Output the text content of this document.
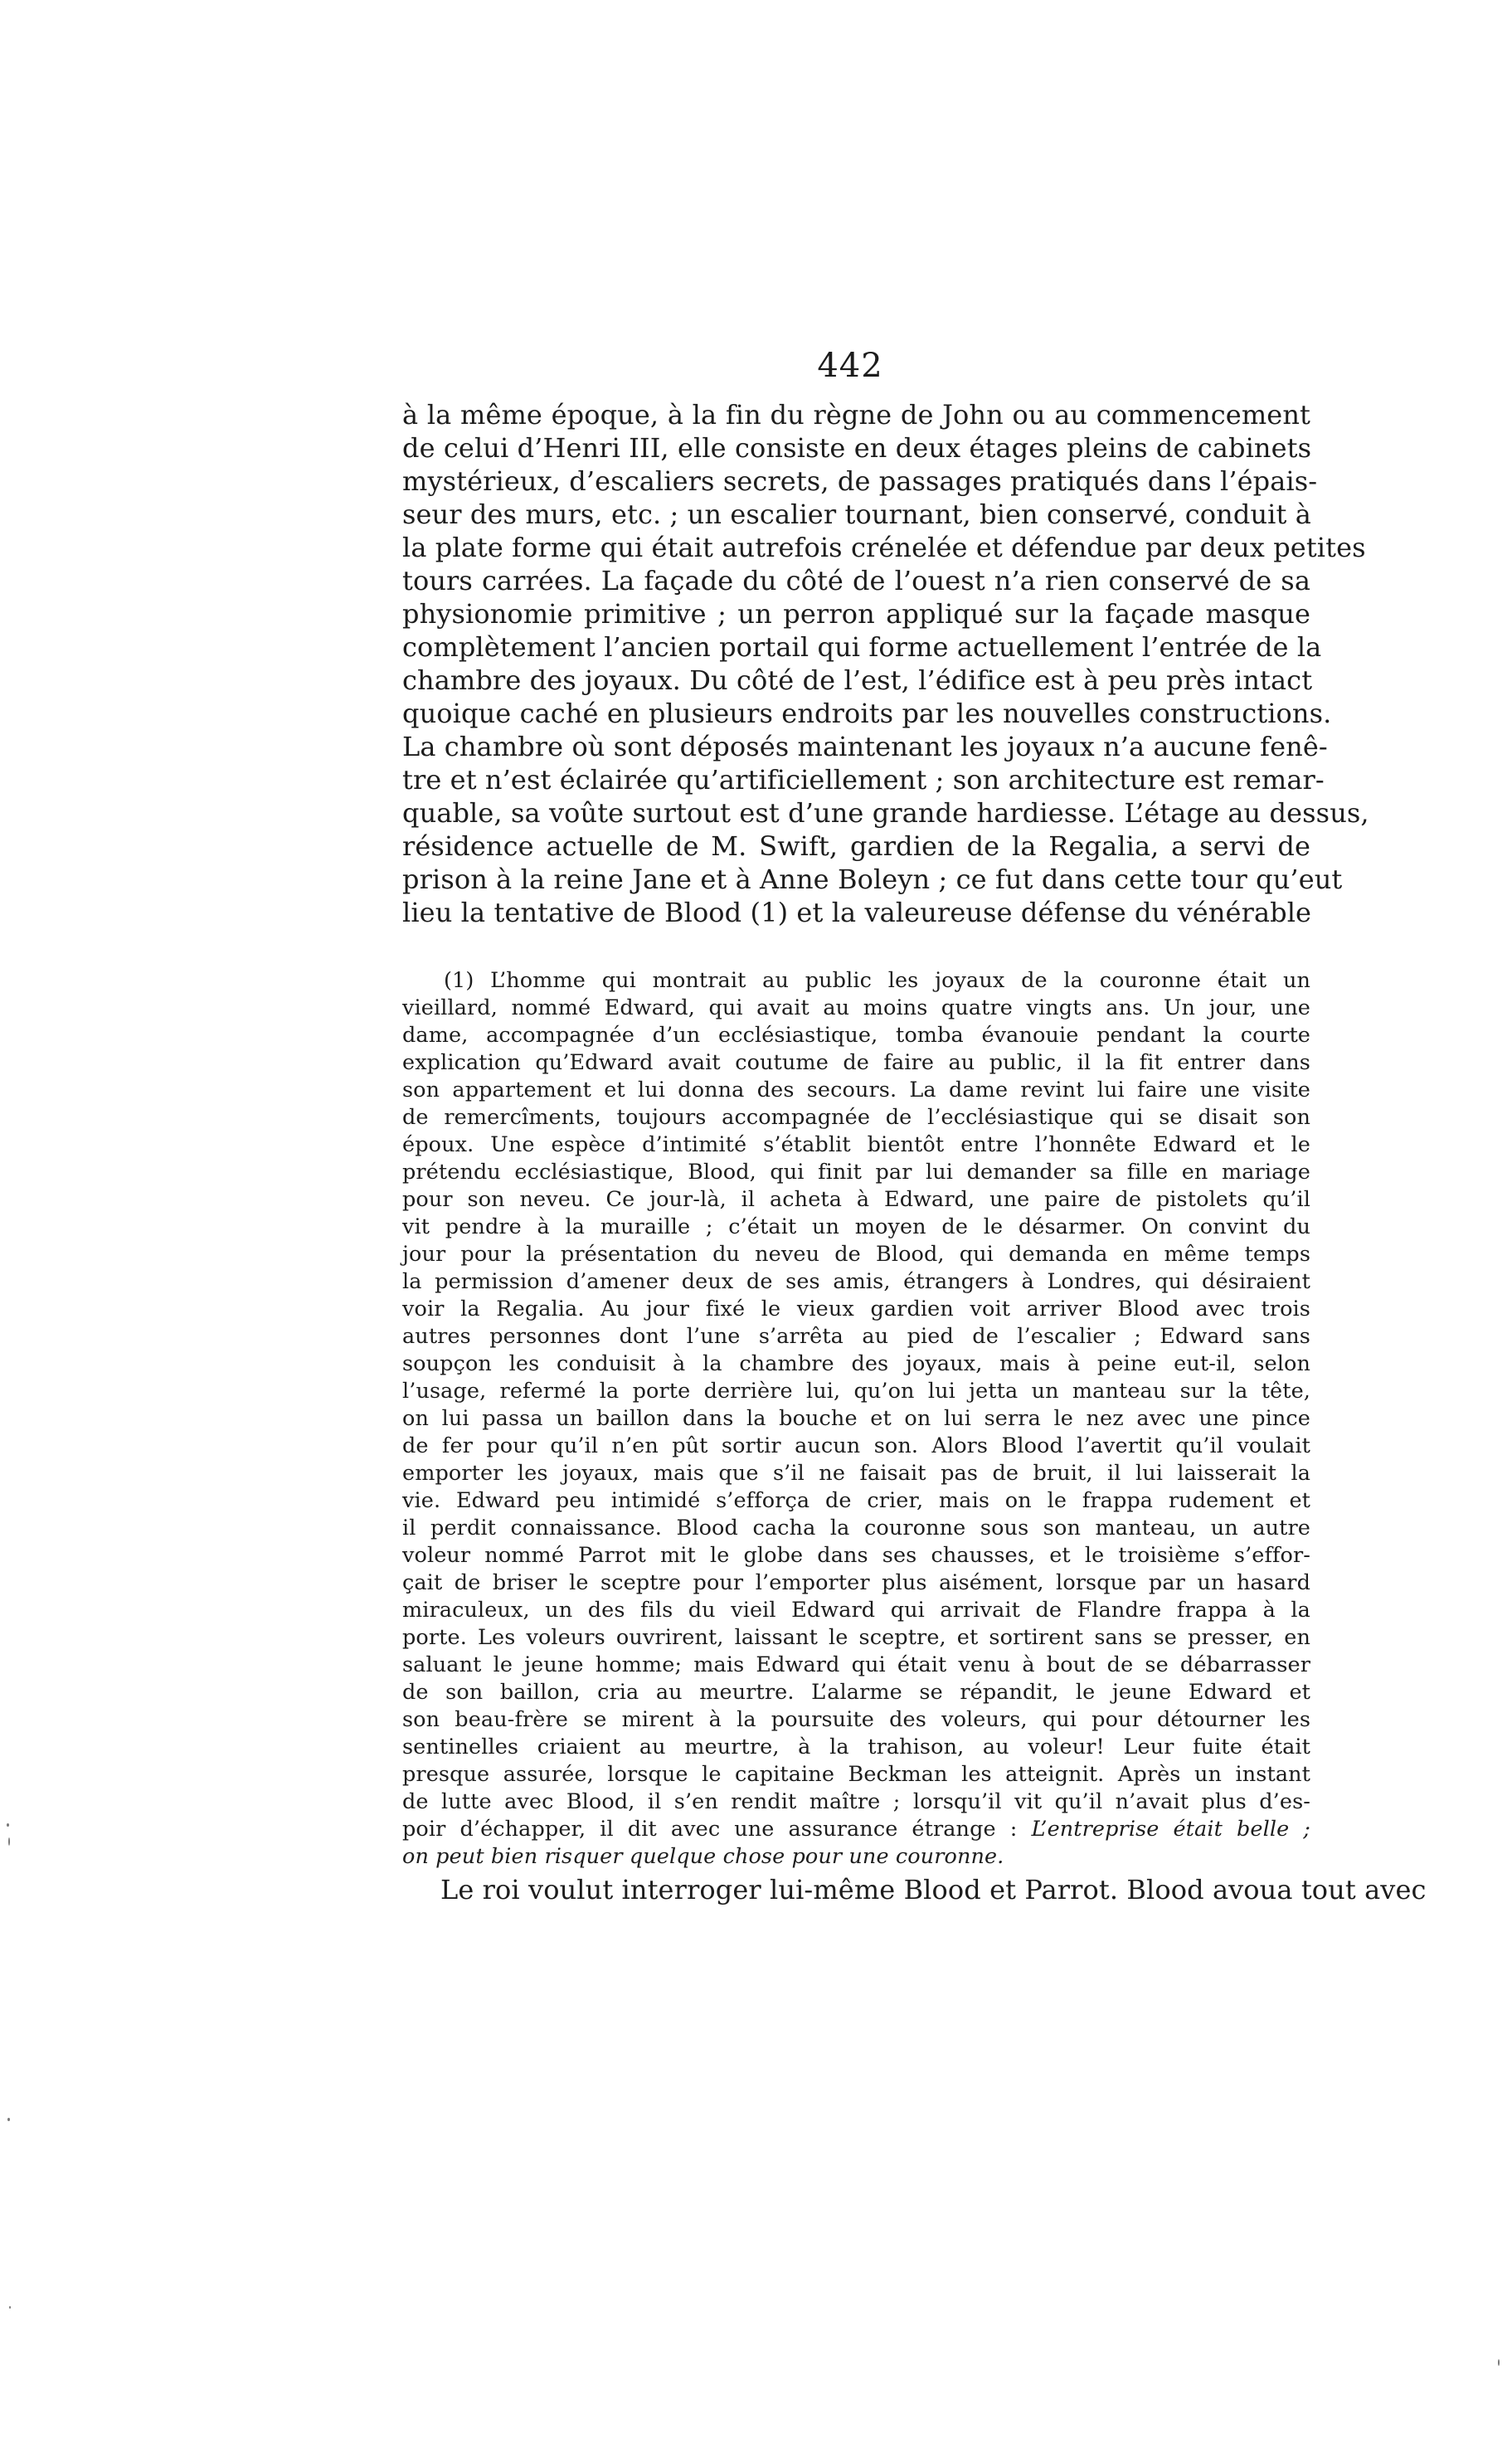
442

à la même époque, à la fin du règne de John ou au commencement

de celui d’Henri III, elle consiste en deux étages pleins de cabinets

mystérieux, d’escaliers secrets, de passages pratiqués dans l’épais-

seur des murs, etc. ; un escalier tournant, bien conservé, conduit à

la plate forme qui était autrefois crénelée et défendue par deux petites

tours carrées. La façade du côté de l’ouest n’a rien conservé de sa

physionomie primitive ; un perron appliqué sur la façade masque

complètement l’ancien portail qui forme actuellement l’entrée de la

chambre des joyaux. Du côté de l’est, l’édifice est à peu près intact

quoique caché en plusieurs endroits par les nouvelles constructions.

La chambre où sont déposés maintenant les joyaux n’a aucune fenê-

tre et n’est éclairée qu’artificiellement ; son architecture est remar-

quable, sa voûte surtout est d’une grande hardiesse. L’étage au dessus,

résidence actuelle de M. Swift, gardien de la Regalia, a servi de

prison à la reine Jane et à Anne Boleyn ; ce fut dans cette tour qu’eut

lieu la tentative de Blood (1) et la valeureuse défense du vénérable

(1) L’homme qui montrait au public les joyaux de la couronne était un

vieillard, nommé Edward, qui avait au moins quatre vingts ans. Un jour, une

dame, accompagnée d’un ecclésiastique, tomba évanouie pendant la courte

explication qu’Edward avait coutume de faire au public, il la fit entrer dans

son appartement et lui donna des secours. La dame revint lui faire une visite

de remercîments, toujours accompagnée de l’ecclésiastique qui se disait son

époux. Une espèce d’intimité s’établit bientôt entre l’honnête Edward et le

prétendu ecclésiastique, Blood, qui finit par lui demander sa fille en mariage

pour son neveu. Ce jour-là, il acheta à Edward, une paire de pistolets qu’il

vit pendre à la muraille ; c’était un moyen de le désarmer. On convint du

jour pour la présentation du neveu de Blood, qui demanda en même temps

la permission d’amener deux de ses amis, étrangers à Londres, qui désiraient

voir la Regalia. Au jour fixé le vieux gardien voit arriver Blood avec trois

autres personnes dont l’une s’arrêta au pied de l’escalier ; Edward sans

soupçon les conduisit à la chambre des joyaux, mais à peine eut-il, selon

l’usage, refermé la porte derrière lui, qu’on lui jetta un manteau sur la tête,

on lui passa un baillon dans la bouche et on lui serra le nez avec une pince

de fer pour qu’il n’en pût sortir aucun son. Alors Blood l’avertit qu’il voulait

emporter les joyaux, mais que s’il ne faisait pas de bruit, il lui laisserait la

vie. Edward peu intimidé s’efforça de crier, mais on le frappa rudement et

il perdit connaissance. Blood cacha la couronne sous son manteau, un autre

voleur nommé Parrot mit le globe dans ses chausses, et le troisième s’effor-

çait de briser le sceptre pour l’emporter plus aisément, lorsque par un hasard

miraculeux, un des fils du vieil Edward qui arrivait de Flandre frappa à la

porte. Les voleurs ouvrirent, laissant le sceptre, et sortirent sans se presser, en

saluant le jeune homme; mais Edward qui était venu à bout de se débarrasser

de son baillon, cria au meurtre. L’alarme se répandit, le jeune Edward et

son beau-frère se mirent à la poursuite des voleurs, qui pour détourner les

sentinelles criaient au meurtre, à la trahison, au voleur! Leur fuite était

presque assurée, lorsque le capitaine Beckman les atteignit. Après un instant

de lutte avec Blood, il s’en rendit maître ; lorsqu’il vit qu’il n’avait plus d’es-

poir d’échapper, il dit avec une assurance étrange : L’entreprise était belle ;

on peut bien risquer quelque chose pour une couronne.

Le roi voulut interroger lui-même Blood et Parrot. Blood avoua tout avec
